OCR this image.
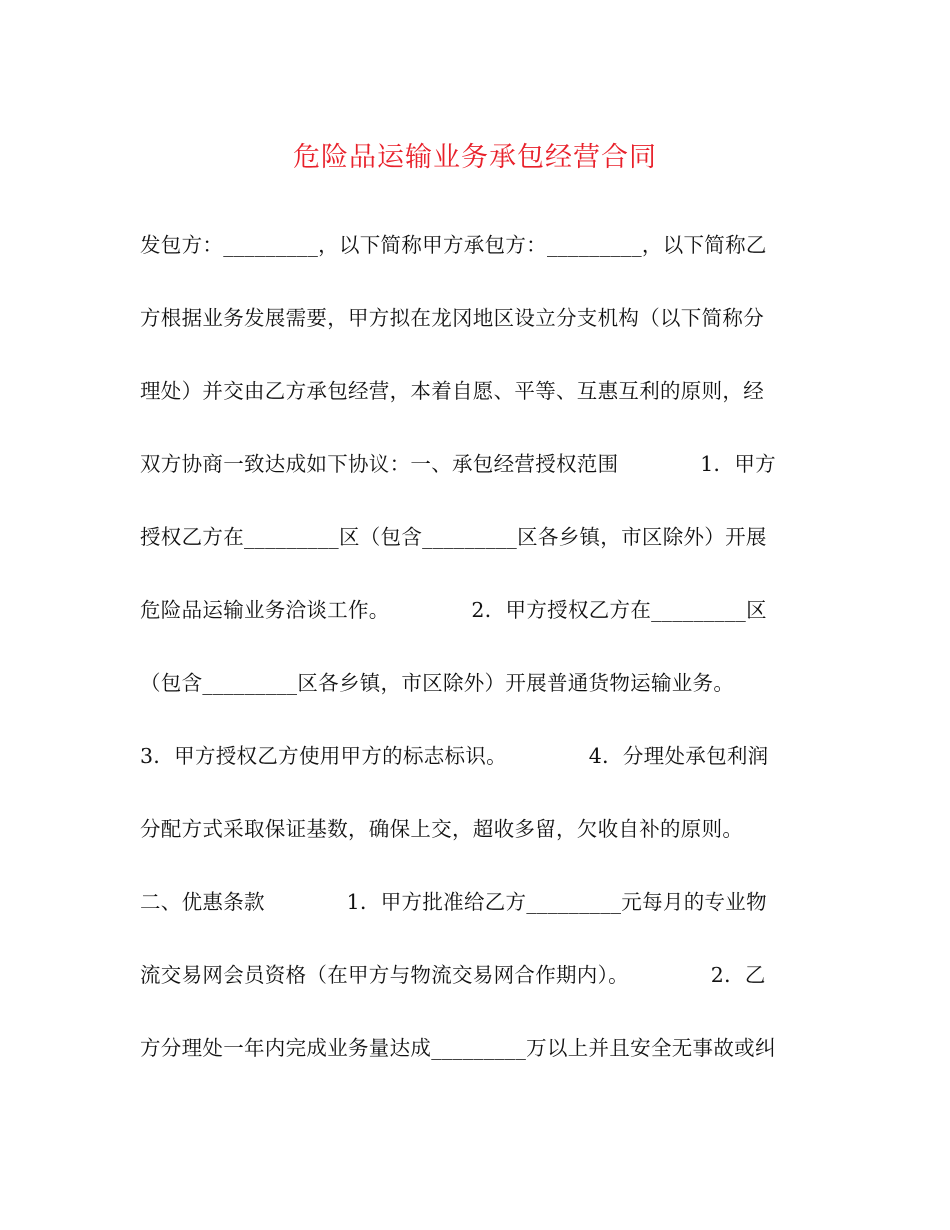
危险品运输业务承包经营合同
发包方：_________，以下简称甲方承包方：_________，以下简称乙
方根据业务发展需要，甲方拟在龙冈地区设立分支机构（以下简称分
理处）并交由乙方承包经营，本着自愿、平等、互惠互利的原则，经
双方协商一致达成如下协议：一、承包经营授权范围            1．甲方
授权乙方在_________区（包含_________区各乡镇，市区除外）开展
危险品运输业务洽谈工作。            2．甲方授权乙方在_________区
（包含_________区各乡镇，市区除外）开展普通货物运输业务。
3．甲方授权乙方使用甲方的标志标识。            4．分理处承包利润
分配方式采取保证基数，确保上交，超收多留，欠收自补的原则。
二、优惠条款            1．甲方批准给乙方_________元每月的专业物
流交易网会员资格（在甲方与物流交易网合作期内）。            2．乙
方分理处一年内完成业务量达成_________万以上并且安全无事故或纠
